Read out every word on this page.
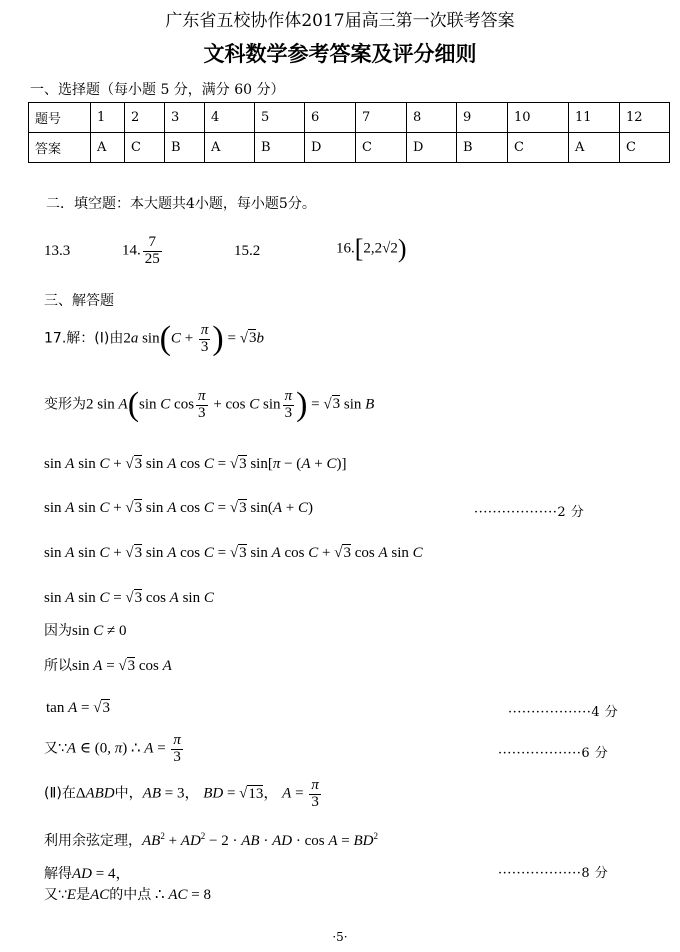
广东省五校协作体2017届高三第一次联考答案
文科数学参考答案及评分细则
一、选择题（每小题 5 分，满分 60 分）
题号	1	2	3	4	5	6	7	8	9	10	11	12
答案	A	C	B	A	B	D	C	D	B	C	A	C
二．填空题：本大题共4小题，每小题5分。
13.3	14. $\frac{7}{25}$	15.2	16.[2,2√2)
三、解答题
17.解：(Ⅰ)由2a $\sin(C + \frac{\pi}{3}$ ) = √3b
变形为2 sin A(sin C $\cos \frac{\pi}{3} + \cos C$ $\sin \frac{\pi}{3}$ ) = √3 sin B
sin A sin C + √3 sin A cos C = √3 sin[π − (A + C)]
sin A sin C + √3 sin A cos C = √3 sin(A + C)	··················2 分
sin A sin C + √3 sin A cos C = √3 sin A cos C + √3 cos A sin C
sin A sin C = √3 cos A sin C
因为sin C ≠ 0
所以sin A = √3 cos A
tan A = √3	··················4 分
又∵A ∈ (0, π) ∴ $A = \frac{\pi}{3}$	··················6 分
(Ⅱ)在ΔABD中，AB = 3， BD = √13， $A = \frac{\pi}{3}$
利用余弦定理，$AB^2 + AD^2 - 2$ · AB · AD · $\cos A = BD^2$
解得AD = 4，	··················8 分
又∵E是AC的中点 ∴ AC = 8
·5·
